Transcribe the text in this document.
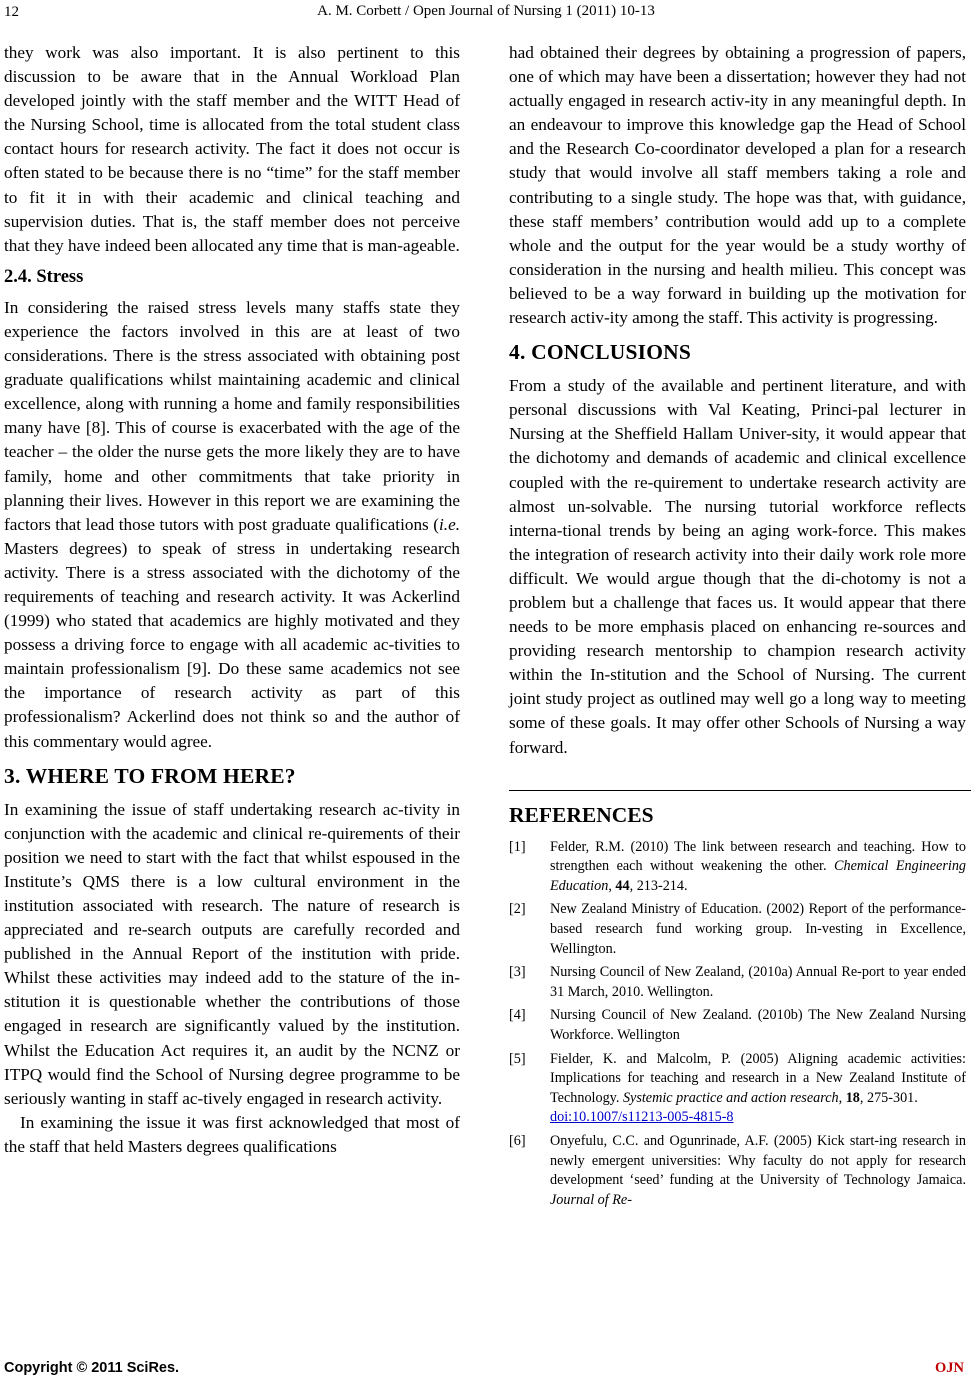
12	A. M. Corbett / Open Journal of Nursing 1 (2011) 10-13

they work was also important. It is also pertinent to this discussion to be aware that in the Annual Workload Plan developed jointly with the staff member and the WITT Head of the Nursing School, time is allocated from the total student class contact hours for research activity. The fact it does not occur is often stated to be because there is no “time” for the staff member to fit it in with their academic and clinical teaching and supervision duties. That is, the staff member does not perceive that they have indeed been allocated any time that is man-ageable.

2.4. Stress

In considering the raised stress levels many staffs state they experience the factors involved in this are at least of two considerations. There is the stress associated with obtaining post graduate qualifications whilst maintaining academic and clinical excellence, along with running a home and family responsibilities many have [8]. This of course is exacerbated with the age of the teacher – the older the nurse gets the more likely they are to have family, home and other commitments that take priority in planning their lives. However in this report we are examining the factors that lead those tutors with post graduate qualifications (i.e. Masters degrees) to speak of stress in undertaking research activity. There is a stress associated with the dichotomy of the requirements of teaching and research activity. It was Ackerlind (1999) who stated that academics are highly motivated and they possess a driving force to engage with all academic ac-tivities to maintain professionalism [9]. Do these same academics not see the importance of research activity as part of this professionalism? Ackerlind does not think so and the author of this commentary would agree.

3. WHERE TO FROM HERE?

In examining the issue of staff undertaking research ac-tivity in conjunction with the academic and clinical re-quirements of their position we need to start with the fact that whilst espoused in the Institute’s QMS there is a low cultural environment in the institution associated with research. The nature of research is appreciated and re-search outputs are carefully recorded and published in the Annual Report of the institution with pride. Whilst these activities may indeed add to the stature of the in-stitution it is questionable whether the contributions of those engaged in research are significantly valued by the institution. Whilst the Education Act requires it, an audit by the NCNZ or ITPQ would find the School of Nursing degree programme to be seriously wanting in staff ac-tively engaged in research activity.

In examining the issue it was first acknowledged that most of the staff that held Masters degrees qualifications

had obtained their degrees by obtaining a progression of papers, one of which may have been a dissertation; however they had not actually engaged in research activ-ity in any meaningful depth. In an endeavour to improve this knowledge gap the Head of School and the Research Co-coordinator developed a plan for a research study that would involve all staff members taking a role and contributing to a single study. The hope was that, with guidance, these staff members’ contribution would add up to a complete whole and the output for the year would be a study worthy of consideration in the nursing and health milieu. This concept was believed to be a way forward in building up the motivation for research activ-ity among the staff. This activity is progressing.

4. CONCLUSIONS

From a study of the available and pertinent literature, and with personal discussions with Val Keating, Princi-pal lecturer in Nursing at the Sheffield Hallam Univer-sity, it would appear that the dichotomy and demands of academic and clinical excellence coupled with the re-quirement to undertake research activity are almost un-solvable. The nursing tutorial workforce reflects interna-tional trends by being an aging work-force. This makes the integration of research activity into their daily work role more difficult. We would argue though that the di-chotomy is not a problem but a challenge that faces us. It would appear that there needs to be more emphasis placed on enhancing re-sources and providing research mentorship to champion research activity within the In-stitution and the School of Nursing. The current joint study project as outlined may well go a long way to meeting some of these goals. It may offer other Schools of Nursing a way forward.

REFERENCES
[1]	Felder, R.M. (2010) The link between research and teaching. How to strengthen each without weakening the other. Chemical Engineering Education, 44, 213-214.
[2]	New Zealand Ministry of Education. (2002) Report of the performance-based research fund working group. In-vesting in Excellence, Wellington.
[3]	Nursing Council of New Zealand, (2010a) Annual Re-port to year ended 31 March, 2010. Wellington.
[4]	Nursing Council of New Zealand. (2010b) The New Zealand Nursing Workforce. Wellington
[5]	Fielder, K. and Malcolm, P. (2005) Aligning academic activities: Implications for teaching and research in a New Zealand Institute of Technology. Systemic practice and action research, 18, 275-301.
doi:10.1007/s11213-005-4815-8
[6]	Onyefulu, C.C. and Ogunrinade, A.F. (2005) Kick start-ing research in newly emergent universities: Why faculty do not apply for research development ‘seed’ funding at the University of Technology Jamaica. Journal of Re-
Copyright © 2011 SciRes.	OJN
